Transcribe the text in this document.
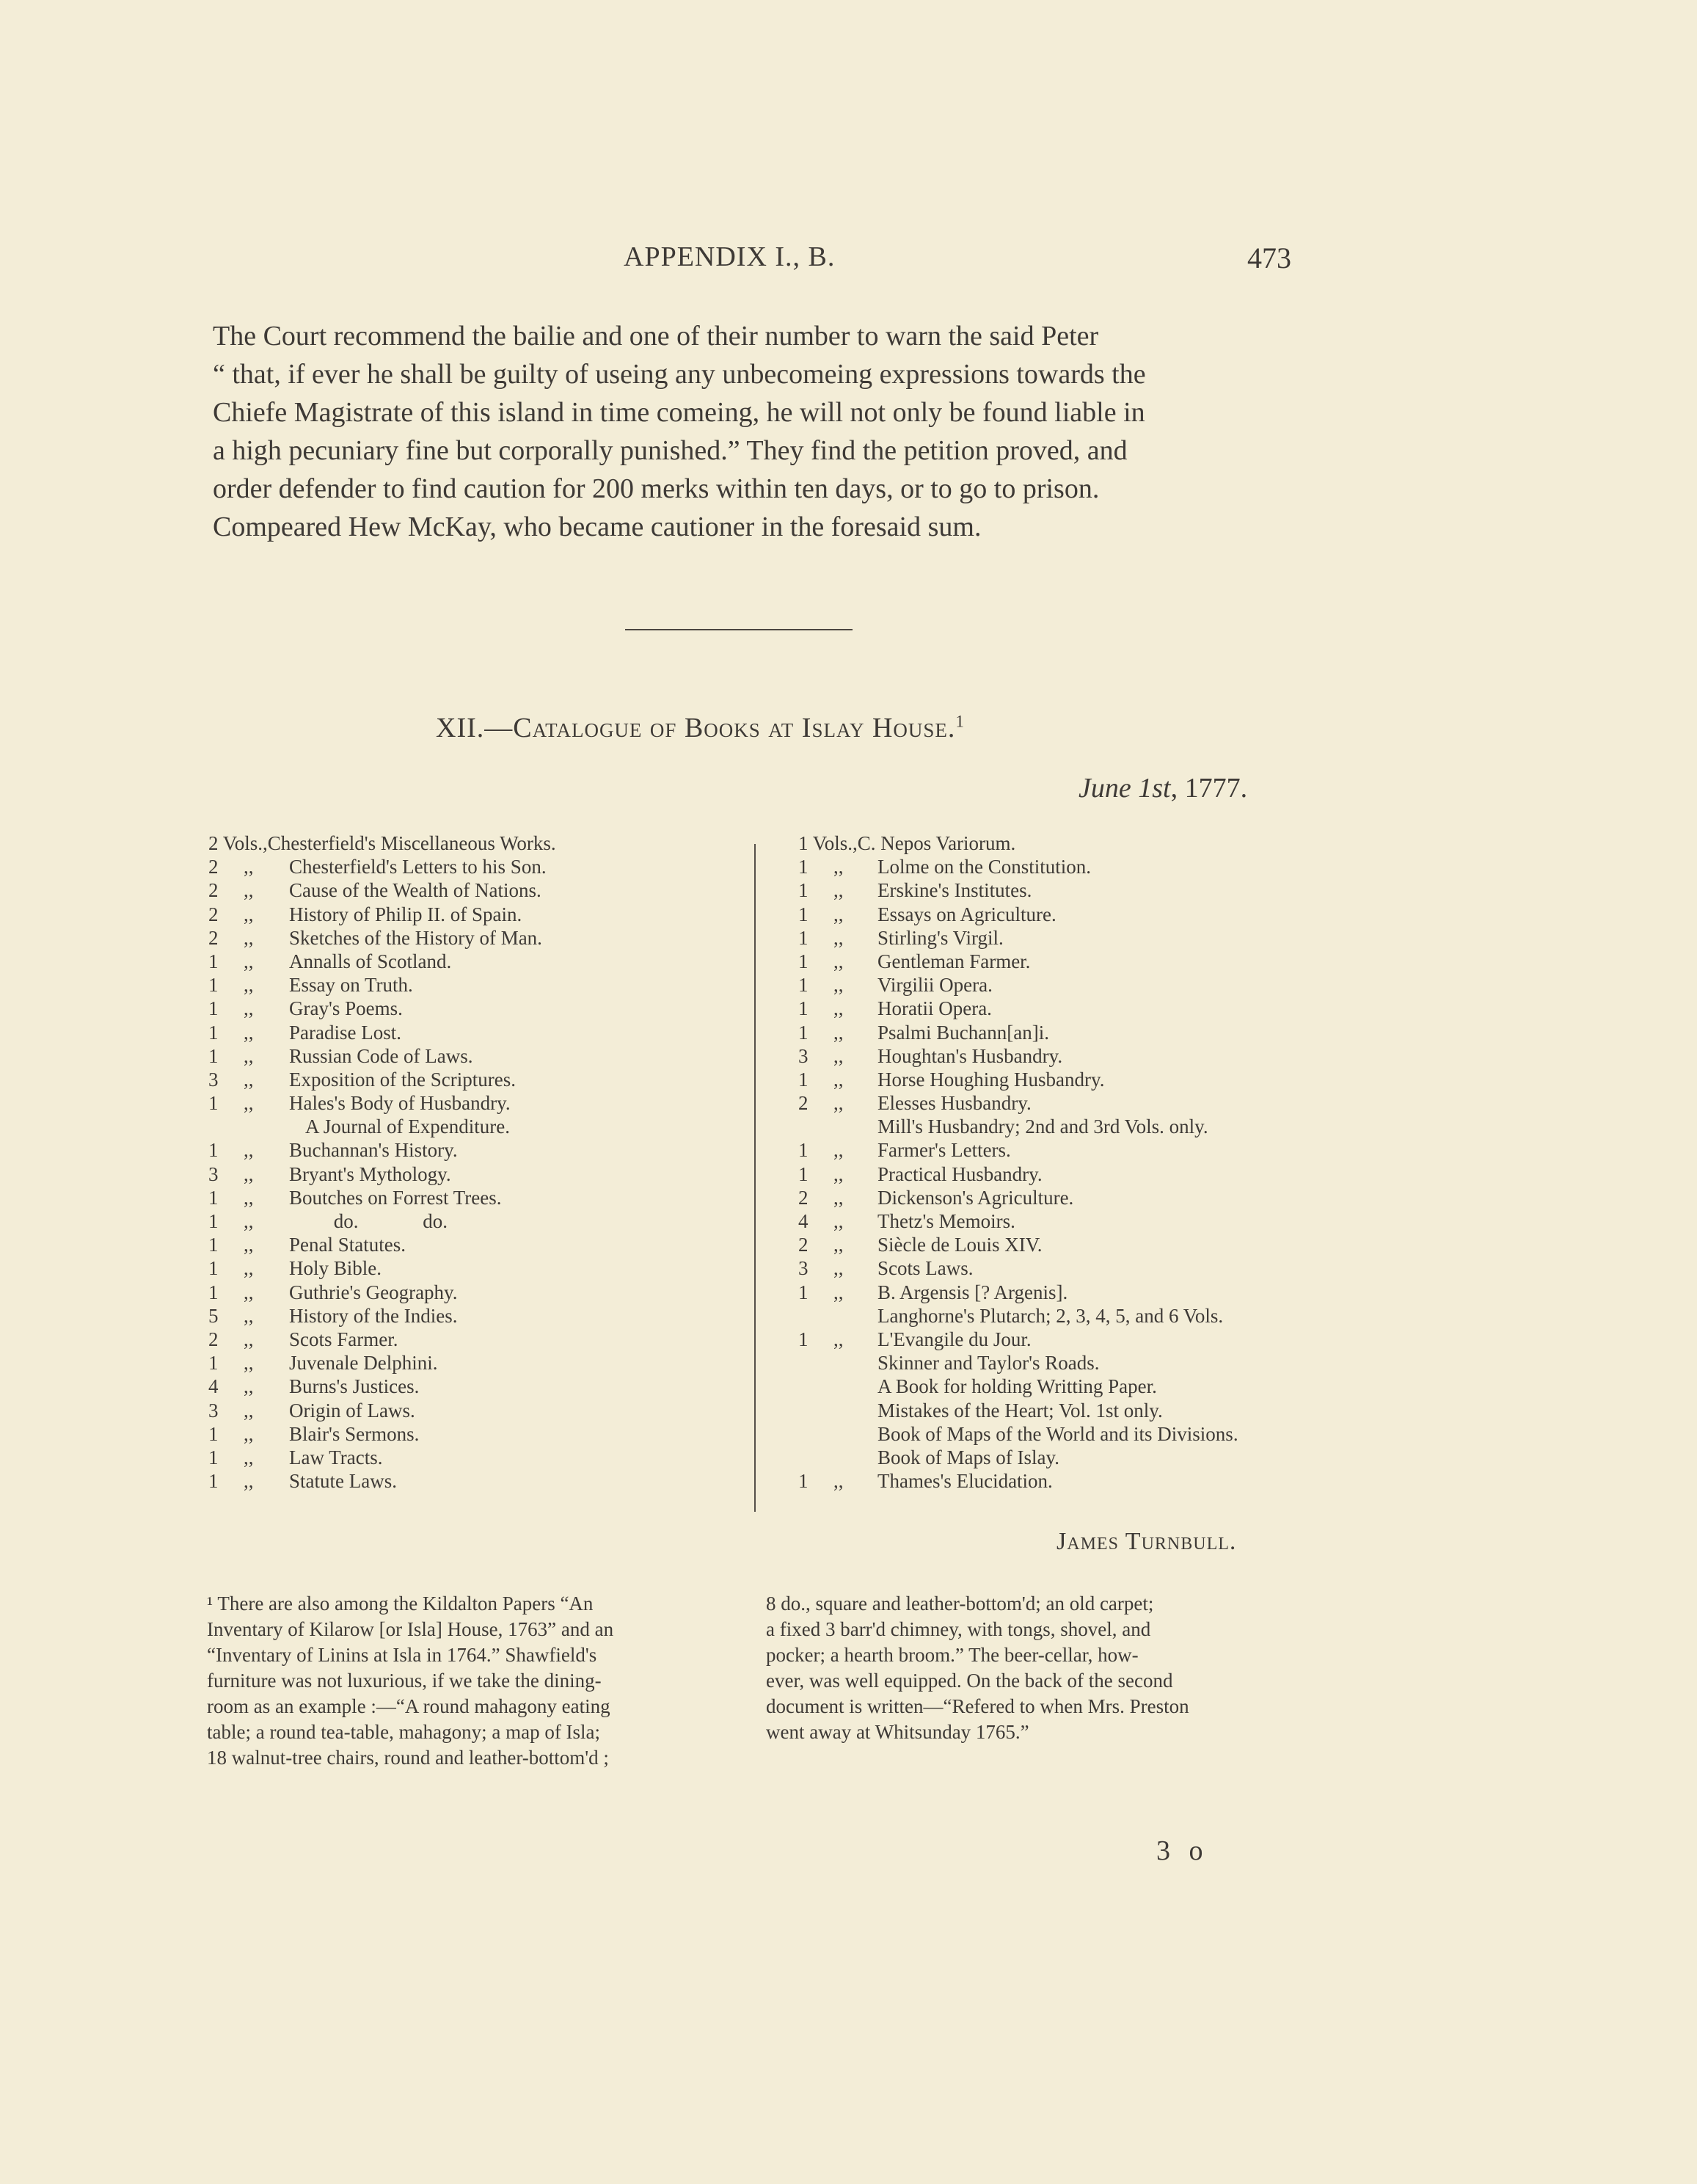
APPENDIX I., B.	473
The Court recommend the bailie and one of their number to warn the said Peter
“ that, if ever he shall be guilty of useing any unbecomeing expressions towards the
Chiefe Magistrate of this island in time comeing, he will not only be found liable in
a high pecuniary fine but corporally punished.” They find the petition proved, and
order defender to find caution for 200 merks within ten days, or to go to prison.
Compeared Hew McKay, who became cautioner in the foresaid sum.
XII.—Catalogue of Books at Islay House.$^1$
June 1st, 1777.
2 Vols., Chesterfield's Miscellaneous Works.
2	,,	Chesterfield's Letters to his Son.
2	,,	Cause of the Wealth of Nations.
2	,,	History of Philip II. of Spain.
2	,,	Sketches of the History of Man.
1	,,	Annalls of Scotland.
1	,,	Essay on Truth.
1	,,	Gray's Poems.
1	,,	Paradise Lost.
1	,,	Russian Code of Laws.
3	,,	Exposition of the Scriptures.
1	,,	Hales's Body of Husbandry.
A Journal of Expenditure.
1	,,	Buchannan's History.
3	,,	Bryant's Mythology.
1	,,	Boutches on Forrest Trees.
1	,,	do.             do.
1	,,	Penal Statutes.
1	,,	Holy Bible.
1	,,	Guthrie's Geography.
5	,,	History of the Indies.
2	,,	Scots Farmer.
1	,,	Juvenale Delphini.
4	,,	Burns's Justices.
3	,,	Origin of Laws.
1	,,	Blair's Sermons.
1	,,	Law Tracts.
1	,,	Statute Laws.
1 Vols., C. Nepos Variorum.
1	,,	Lolme on the Constitution.
1	,,	Erskine's Institutes.
1	,,	Essays on Agriculture.
1	,,	Stirling's Virgil.
1	,,	Gentleman Farmer.
1	,,	Virgilii Opera.
1	,,	Horatii Opera.
1	,,	Psalmi Buchann[an]i.
3	,,	Houghtan's Husbandry.
1	,,	Horse Houghing Husbandry.
2	,,	Elesses Husbandry.
Mill's Husbandry; 2nd and 3rd Vols. only.
1	,,	Farmer's Letters.
1	,,	Practical Husbandry.
2	,,	Dickenson's Agriculture.
4	,,	Thetz's Memoirs.
2	,,	Siècle de Louis XIV.
3	,,	Scots Laws.
1	,,	B. Argensis [? Argenis].
Langhorne's Plutarch; 2, 3, 4, 5, and 6 Vols.
1	,,	L'Evangile du Jour.
Skinner and Taylor's Roads.
A Book for holding Writting Paper.
Mistakes of the Heart; Vol. 1st only.
Book of Maps of the World and its Divisions.
Book of Maps of Islay.
1	,,	Thames's Elucidation.
James Turnbull.
¹ There are also among the Kildalton Papers “An
Inventary of Kilarow [or Isla] House, 1763” and an
“Inventary of Linins at Isla in 1764.” Shawfield's
furniture was not luxurious, if we take the dining-
room as an example :—“A round mahagony eating
table; a round tea-table, mahagony; a map of Isla;
18 walnut-tree chairs, round and leather-bottom'd ;
8 do., square and leather-bottom'd; an old carpet;
a fixed 3 barr'd chimney, with tongs, shovel, and
pocker; a hearth broom.” The beer-cellar, how-
ever, was well equipped. On the back of the second
document is written—“Refered to when Mrs. Preston
went away at Whitsunday 1765.”
3 o
